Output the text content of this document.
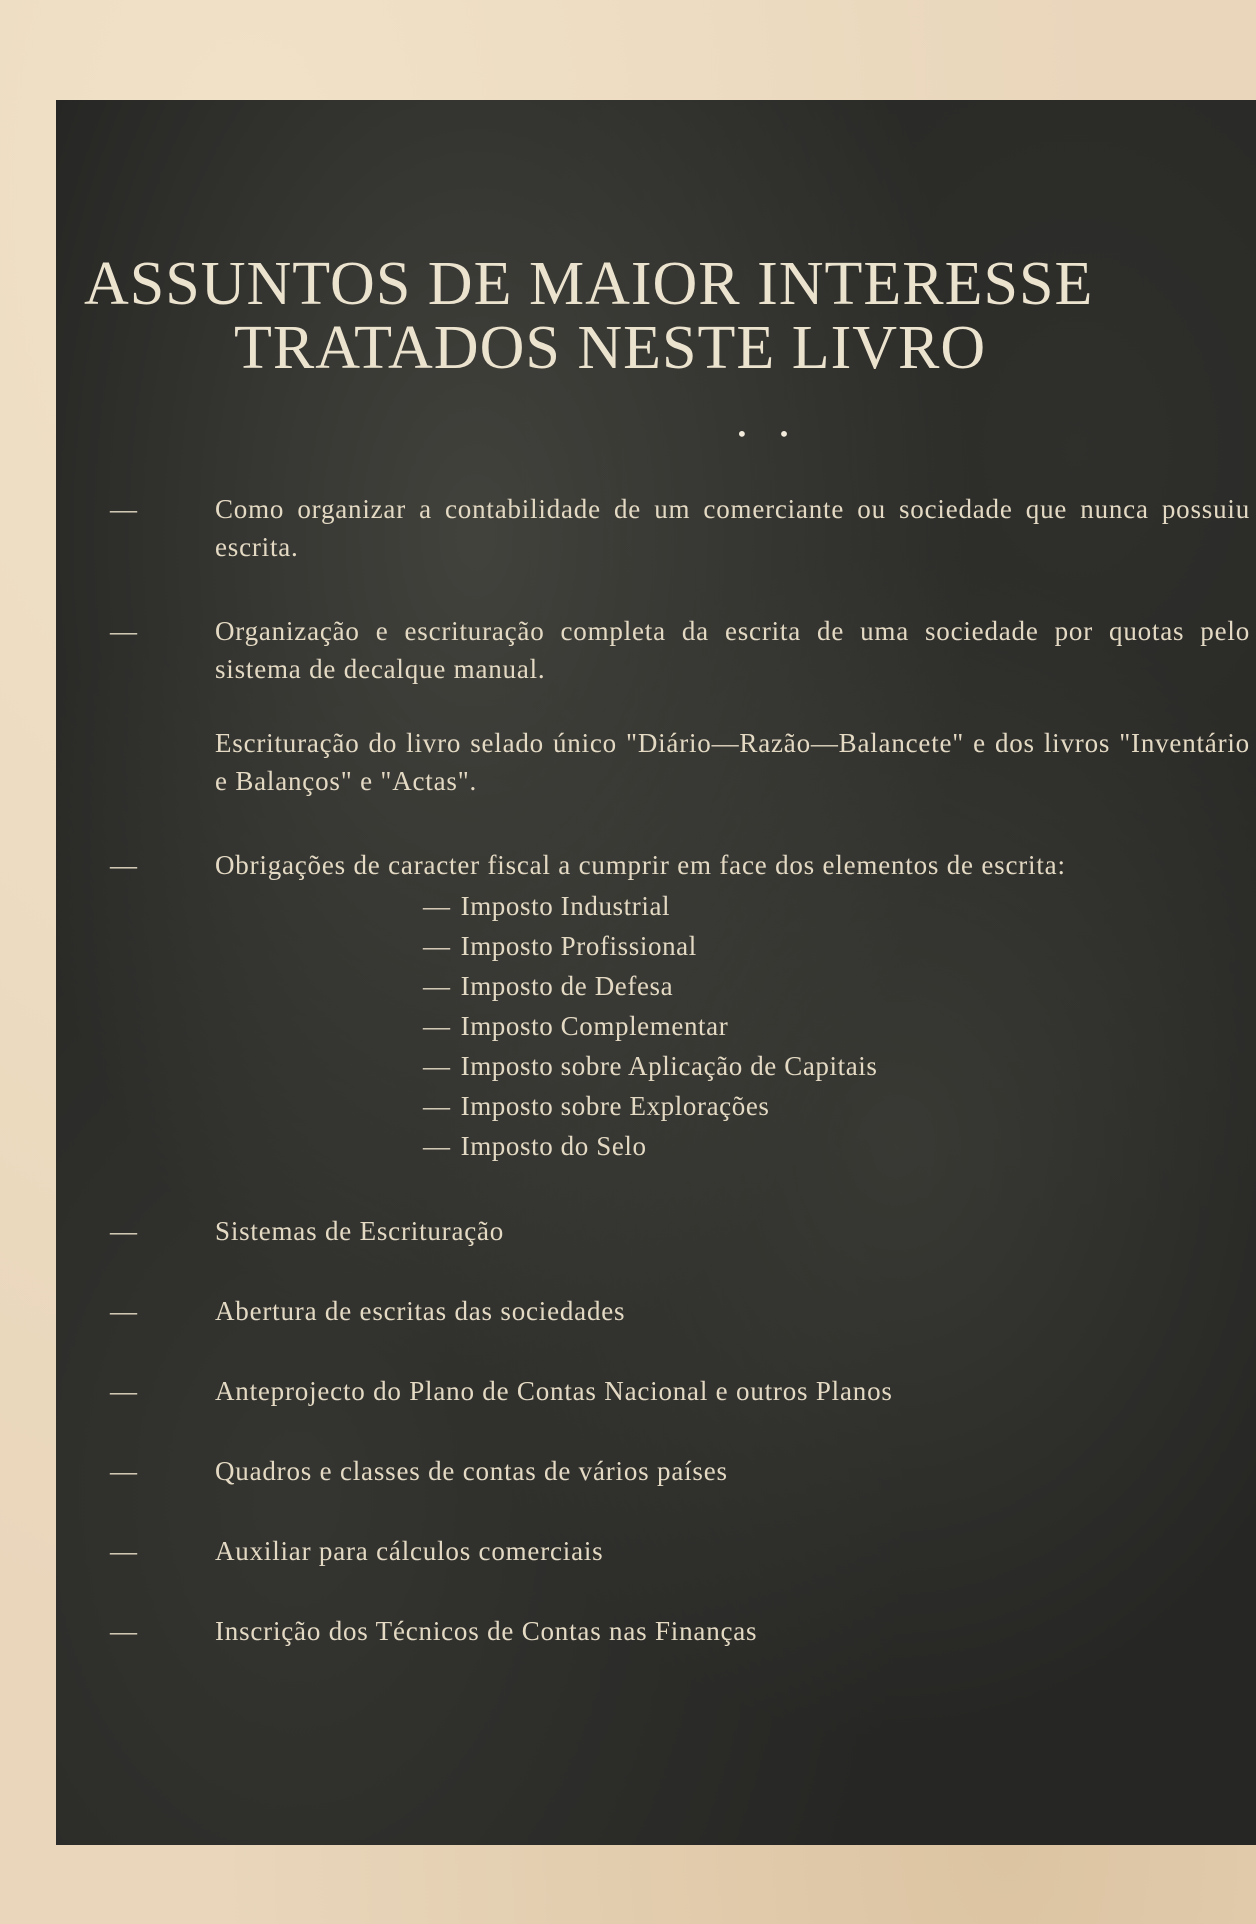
ASSUNTOS DE MAIOR INTERESSE
TRATADOS NESTE LIVRO
• •
—	Como organizar a contabilidade de um comerciante ou sociedade que nunca possuiu escrita.
—	Organização e escrituração completa da escrita de uma sociedade por quotas pelo sistema de decalque manual.
Escrituração do livro selado único "Diário—Razão—Balancete" e dos livros "Inventário e Balanços" e "Actas".
—	Obrigações de caracter fiscal a cumprir em face dos elementos de escrita:
— Imposto Industrial
— Imposto Profissional
— Imposto de Defesa
— Imposto Complementar
— Imposto sobre Aplicação de Capitais
— Imposto sobre Explorações
— Imposto do Selo
—	Sistemas de Escrituração
—	Abertura de escritas das sociedades
—	Anteprojecto do Plano de Contas Nacional e outros Planos
—	Quadros e classes de contas de vários países
—	Auxiliar para cálculos comerciais
—	Inscrição dos Técnicos de Contas nas Finanças
